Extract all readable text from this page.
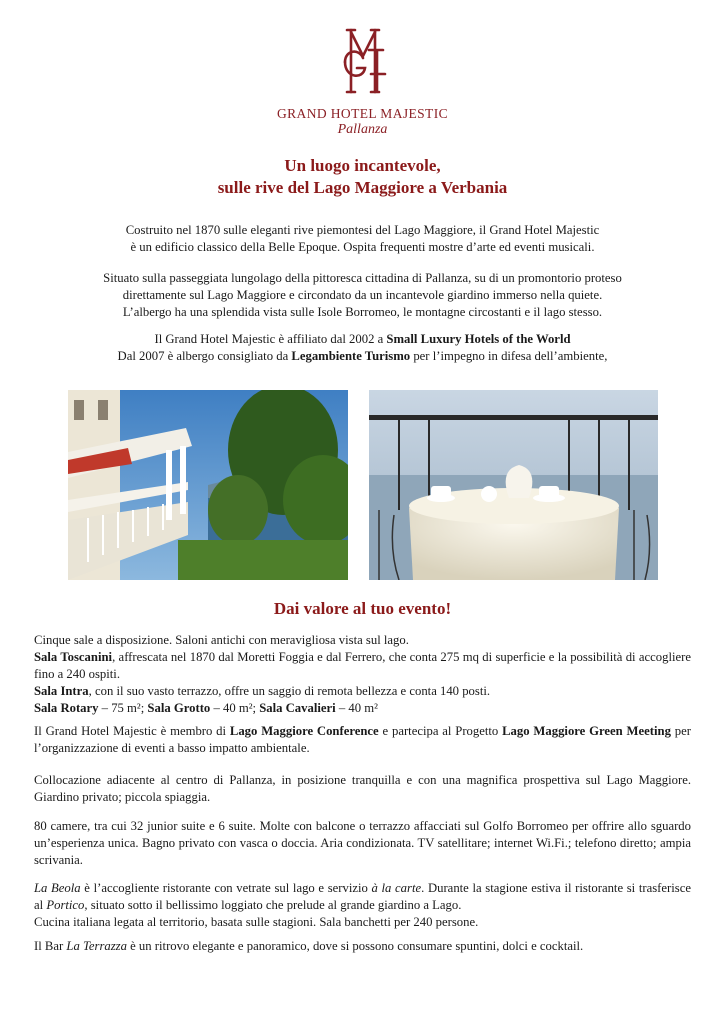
GRAND HOTEL MAJESTIC
Pallanza
Un luogo incantevole,
sulle rive del Lago Maggiore a Verbania
Costruito nel 1870 sulle eleganti rive piemontesi del Lago Maggiore, il Grand Hotel Majestic
è un edificio classico della Belle Epoque. Ospita frequenti mostre d’arte ed eventi musicali.
Situato sulla passeggiata lungolago della pittoresca cittadina di Pallanza, su di un promontorio proteso
direttamente sul Lago Maggiore e circondato da un incantevole giardino immerso nella quiete.
L’albergo ha una splendida vista sulle Isole Borromeo, le montagne circostanti e il lago stesso.
Il Grand Hotel Majestic è affiliato dal 2002 a Small Luxury Hotels of the World
Dal 2007 è albergo consigliato da Legambiente Turismo per l’impegno in difesa dell’ambiente,
Dai valore al tuo evento!
Cinque sale a disposizione. Saloni antichi con meravigliosa vista sul lago.
Sala Toscanini, affrescata nel 1870 dal Moretti Foggia e dal Ferrero, che conta 275 mq di superficie e la possibilità di accogliere fino a 240 ospiti.
Sala Intra, con il suo vasto terrazzo, offre un saggio di remota bellezza e conta 140 posti.
Sala Rotary – 75 m²; Sala Grotto – 40 m²; Sala Cavalieri – 40 m²
Il Grand Hotel Majestic è membro di Lago Maggiore Conference e partecipa al Progetto Lago Maggiore Green Meeting per l’organizzazione di eventi a basso impatto ambientale.
Collocazione adiacente al centro di Pallanza, in posizione tranquilla e con una magnifica prospettiva sul Lago Maggiore. Giardino privato; piccola spiaggia.
80 camere, tra cui 32 junior suite e 6 suite. Molte con balcone o terrazzo affacciati sul Golfo Borromeo per offrire allo sguardo un’esperienza unica. Bagno privato con vasca o doccia. Aria condizionata. TV satellitare; internet Wi.Fi.; telefono diretto; ampia scrivania.
La Beola è l’accogliente ristorante con vetrate sul lago e servizio à la carte. Durante la stagione estiva il ristorante si trasferisce al Portico, situato sotto il bellissimo loggiato che prelude al grande giardino a Lago.
Cucina italiana legata al territorio, basata sulle stagioni. Sala banchetti per 240 persone.
Il Bar La Terrazza è un ritrovo elegante e panoramico, dove si possono consumare spuntini, dolci e cocktail.
